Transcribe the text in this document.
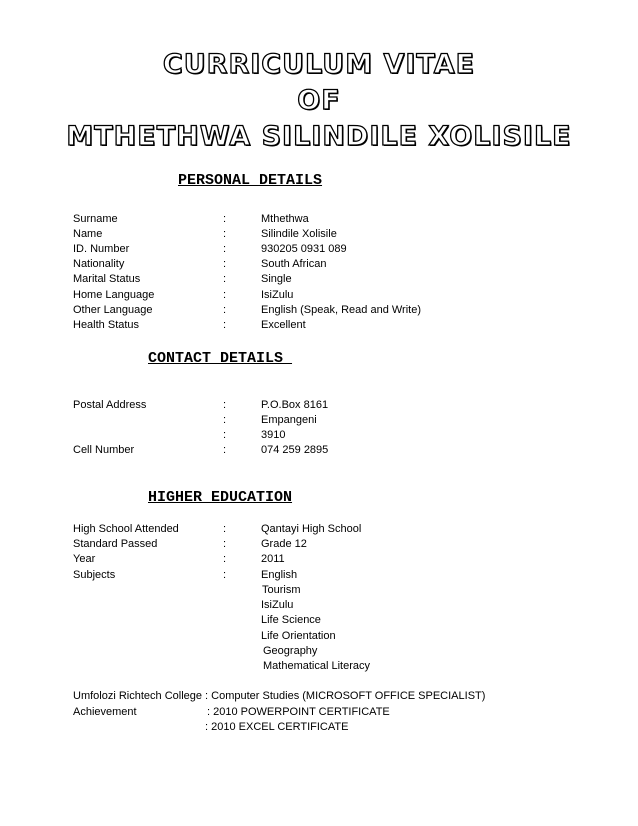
CURRICULUM VITAE
OF
MTHETHWA SILINDILE XOLISILE
PERSONAL DETAILS
Surname	:	Mthethwa
Name	:	Silindile Xolisile
ID. Number	:	930205 0931 089
Nationality	:	South African
Marital Status	:	Single
Home Language	:	IsiZulu
Other Language	:	English (Speak, Read and Write)
Health Status	:	Excellent
CONTACT DETAILS
Postal Address	:	P.O.Box 8161
:	Empangeni
:	3910
Cell Number	:	074 259 2895
HIGHER EDUCATION
High School Attended	:	Qantayi High School
Standard Passed	:	Grade 12
Year	:	2011
Subjects	:	English
Tourism
IsiZulu
Life Science
Life Orientation
Geography
Mathematical Literacy
Umfolozi Richtech College : Computer Studies (MICROSOFT OFFICE SPECIALIST)
Achievement	: 2010 POWERPOINT CERTIFICATE
: 2010 EXCEL CERTIFICATE
